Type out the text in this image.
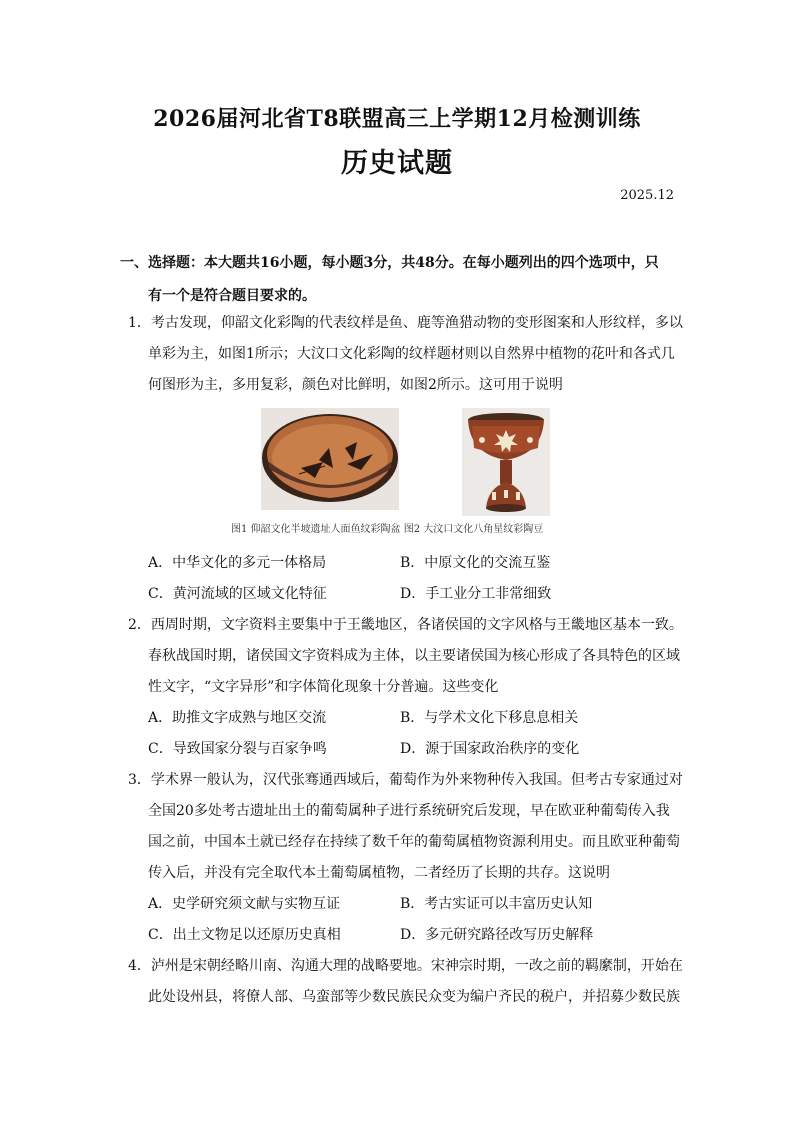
2026届河北省T8联盟高三上学期12月检测训练
历史试题
2025.12
一、选择题：本大题共16小题，每小题3分，共48分。在每小题列出的四个选项中，只
有一个是符合题目要求的。
1．考古发现，仰韶文化彩陶的代表纹样是鱼、鹿等渔猎动物的变形图案和人形纹样，多以
单彩为主，如图1所示；大汶口文化彩陶的纹样题材则以自然界中植物的花叶和各式几
何图形为主，多用复彩，颜色对比鲜明，如图2所示。这可用于说明
图1 仰韶文化半坡遗址人面鱼纹彩陶盆 图2 大汶口文化八角星纹彩陶豆
A．中华文化的多元一体格局	B．中原文化的交流互鉴
C．黄河流域的区域文化特征	D．手工业分工非常细致
2．西周时期，文字资料主要集中于王畿地区，各诸侯国的文字风格与王畿地区基本一致。
春秋战国时期，诸侯国文字资料成为主体，以主要诸侯国为核心形成了各具特色的区域
性文字，“文字异形”和字体简化现象十分普遍。这些变化
A．助推文字成熟与地区交流	B．与学术文化下移息息相关
C．导致国家分裂与百家争鸣	D．源于国家政治秩序的变化
3．学术界一般认为，汉代张骞通西域后，葡萄作为外来物种传入我国。但考古专家通过对
全国20多处考古遗址出土的葡萄属种子进行系统研究后发现，早在欧亚种葡萄传入我
国之前，中国本土就已经存在持续了数千年的葡萄属植物资源利用史。而且欧亚种葡萄
传入后，并没有完全取代本土葡萄属植物，二者经历了长期的共存。这说明
A．史学研究须文献与实物互证	B．考古实证可以丰富历史认知
C．出土文物足以还原历史真相	D．多元研究路径改写历史解释
4．泸州是宋朝经略川南、沟通大理的战略要地。宋神宗时期，一改之前的羁縻制，开始在
此处设州县，将僚人部、乌蛮部等少数民族民众变为编户齐民的税户，并招募少数民族
